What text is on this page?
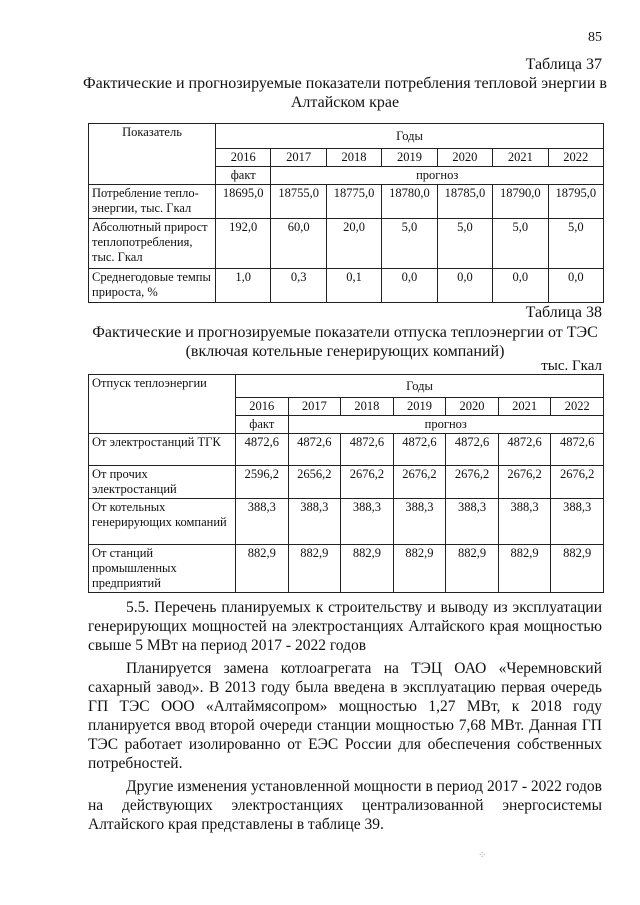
85
Таблица 37
Фактические и прогнозируемые показатели потребления тепловой энергии в Алтайском крае
Показатель	Годы						
	2016	2017	2018	2019	2020	2021	2022
	факт	прогноз					
Потребление тепло-энергии, тыс. Гкал	18695,0	18755,0	18775,0	18780,0	18785,0	18790,0	18795,0
Абсолютный прирост теплопотребления, тыс. Гкал	192,0	60,0	20,0	5,0	5,0	5,0	5,0
Среднегодовые темпы прироста, %	1,0	0,3	0,1	0,0	0,0	0,0	0,0
Таблица 38
Фактические и прогнозируемые показатели отпуска теплоэнергии от ТЭС (включая котельные генерирующих компаний)
тыс. Гкал
Отпуск теплоэнергии	Годы						
	2016	2017	2018	2019	2020	2021	2022
	факт	прогноз					
От электростанций ТГК	4872,6	4872,6	4872,6	4872,6	4872,6	4872,6	4872,6
От прочих электростанций	2596,2	2656,2	2676,2	2676,2	2676,2	2676,2	2676,2
От котельных генерирующих компаний	388,3	388,3	388,3	388,3	388,3	388,3	388,3
От станций промышленных предприятий	882,9	882,9	882,9	882,9	882,9	882,9	882,9

5.5. Перечень планируемых к строительству и выводу из эксплуатации генерирующих мощностей на электростанциях Алтайского края мощностью свыше 5 МВт на период 2017 - 2022 годов

Планируется замена котлоагрегата на ТЭЦ ОАО «Черемновский сахарный завод». В 2013 году была введена в эксплуатацию первая очередь ГП ТЭС ООО «Алтаймясопром» мощностью 1,27 МВт, к 2018 году планируется ввод второй очереди станции мощностью 7,68 МВт. Данная ГП ТЭС работает изолированно от ЕЭС России для обеспечения собственных потребностей.

Другие изменения установленной мощности в период 2017 - 2022 годов на действующих электростанциях централизованной энергосистемы Алтайского края представлены в таблице 39.

⁘
